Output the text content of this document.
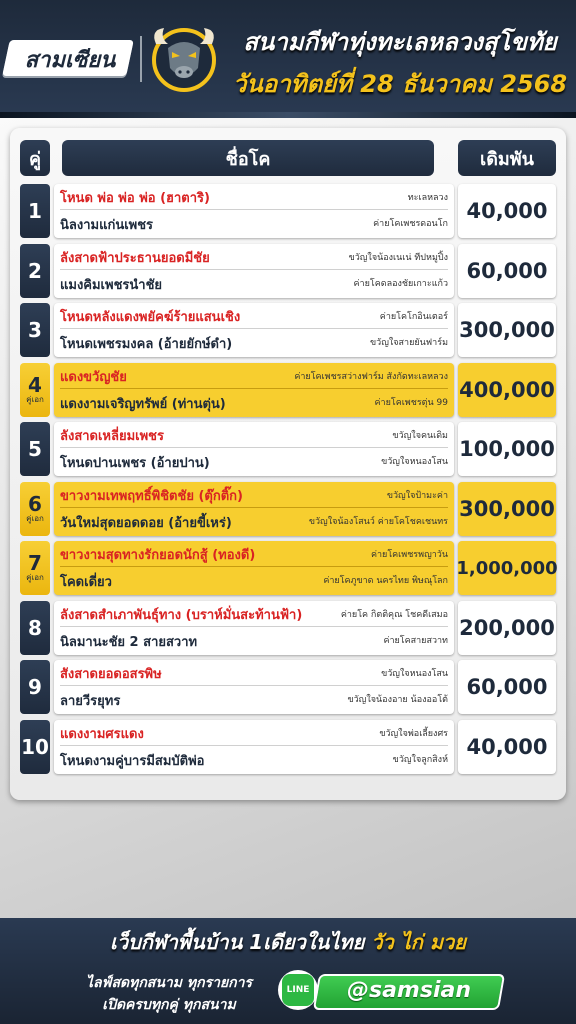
สามเซียน
สนามกีฬาทุ่งทะเลหลวงสุโขทัย
วันอาทิตย์ที่ 28 ธันวาคม 2568
คู่	ชื่อโค	เดิมพัน
1
โหนด พ่อ พ่อ พ่อ (ฮาตาริ)	ทะเลหลวง
นิลงามแก่นเพชร	ค่ายโคเพชรดอนโก
40,000
2
ลังสาดฟ้าประธานยอดมีชัย	ขวัญใจน้องเนเน่ ทีปหมูปิ้ง
แมงคิมเพชรนำชัย	ค่ายโคดลองชัยเกาะแก้ว
60,000
3
โหนดหลังแดงพยัคฆ์ร้ายแสนเชิง	ค่ายโคโกอินเตอร์
โหนดเพชรมงคล (อ้ายยักษ์ดำ)	ขวัญใจสายยันฟาร์ม
300,000
4
คู่เอก
แดงขวัญชัย	ค่ายโคเพชรสว่างฟาร์ม สังกัดทะเลหลวง
แดงงามเจริญทรัพย์ (ท่านตุ่น)	ค่ายโคเพชรตุ่น 99
400,000
5
ลังสาดเหลี่ยมเพชร	ขวัญใจคนเดิม
โหนดปานเพชร (อ้ายปาน)	ขวัญใจหนองโสน
100,000
6
คู่เอก
ขาวงามเทพฤทธิ์พิชิตชัย (ตุ๊กติ๊ก)	ขวัญใจป้ามะค่า
วันใหม่สุดยอดดอย (อ้ายขี้เหร่)	ขวัญใจน้องโสนว์ ค่ายโคโชคเชนทร
300,000
7
คู่เอก
ขาวงามสุดทางรักยอดนักสู้ (ทองดี)	ค่ายโคเพชรพญาวัน
โคดเดี่ยว	ค่ายโคภูขาด นครไทย พิษณุโลก
1,000,000
8
ลังสาดสำเภาพันธุ์ทาง (บราห์มั่นสะท้านฟ้า)	ค่ายโค กิตติคุณ โชคดีเสมอ
นิลมานะชัย 2 สายสวาท	ค่ายโคสายสวาท
200,000
9
สังสาดยอดอสรพิษ	ขวัญใจหนองโสน
ลายวีรยุทร	ขวัญใจน้องอาย น้องออโต้
60,000
10
แดงงามศรแดง	ขวัญใจพ่อเลี้ยงศร
โหนดงามคู่บารมีสมบัติพ่อ	ขวัญใจลูกสิงห์
40,000
เว็บกีฬาพื้นบ้าน 1เดียวในไทย วัว ไก่ มวย
ไลฟ์สดทุกสนาม ทุกรายการ
เปิดครบทุกคู่ ทุกสนาม
LINE	@samsian
